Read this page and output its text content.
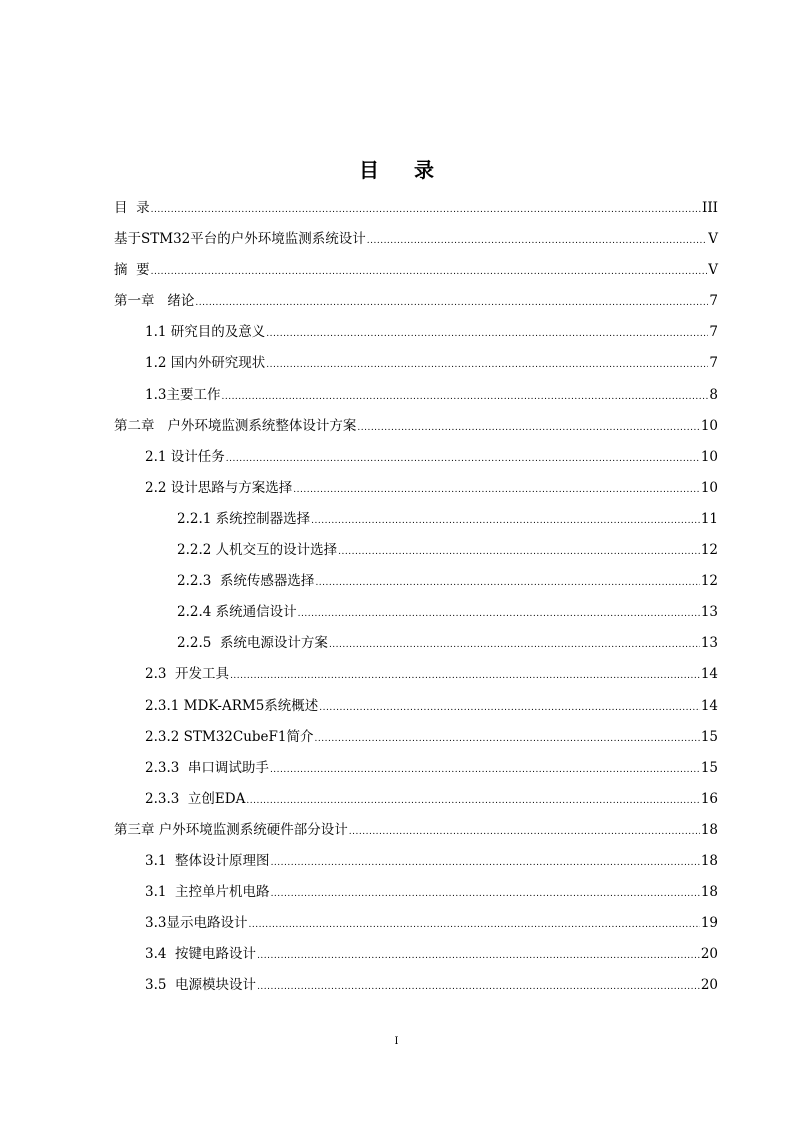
目 录
目  录 .....	III
基于STM32平台的户外环境监测系统设计 .....	V
摘  要 .....	V
第一章   绪论 .....	7
1.1 研究目的及意义 .....	7
1.2 国内外研究现状 .....	7
1.3主要工作 .....	8
第二章   户外环境监测系统整体设计方案 .....	10
2.1 设计任务 .....	10
2.2 设计思路与方案选择 .....	10
2.2.1 系统控制器选择 .....	11
2.2.2 人机交互的设计选择 .....	12
2.2.3  系统传感器选择 .....	12
2.2.4 系统通信设计 .....	13
2.2.5  系统电源设计方案 .....	13
2.3  开发工具 .....	14
2.3.1 MDK-ARM5系统概述 .....	14
2.3.2 STM32CubeF1简介 .....	15
2.3.3  串口调试助手 .....	15
2.3.3  立创EDA .....	16
第三章 户外环境监测系统硬件部分设计 .....	18
3.1  整体设计原理图 .....	18
3.1  主控单片机电路 .....	18
3.3显示电路设计 .....	19
3.4  按键电路设计 .....	20
3.5  电源模块设计 .....	20
I
